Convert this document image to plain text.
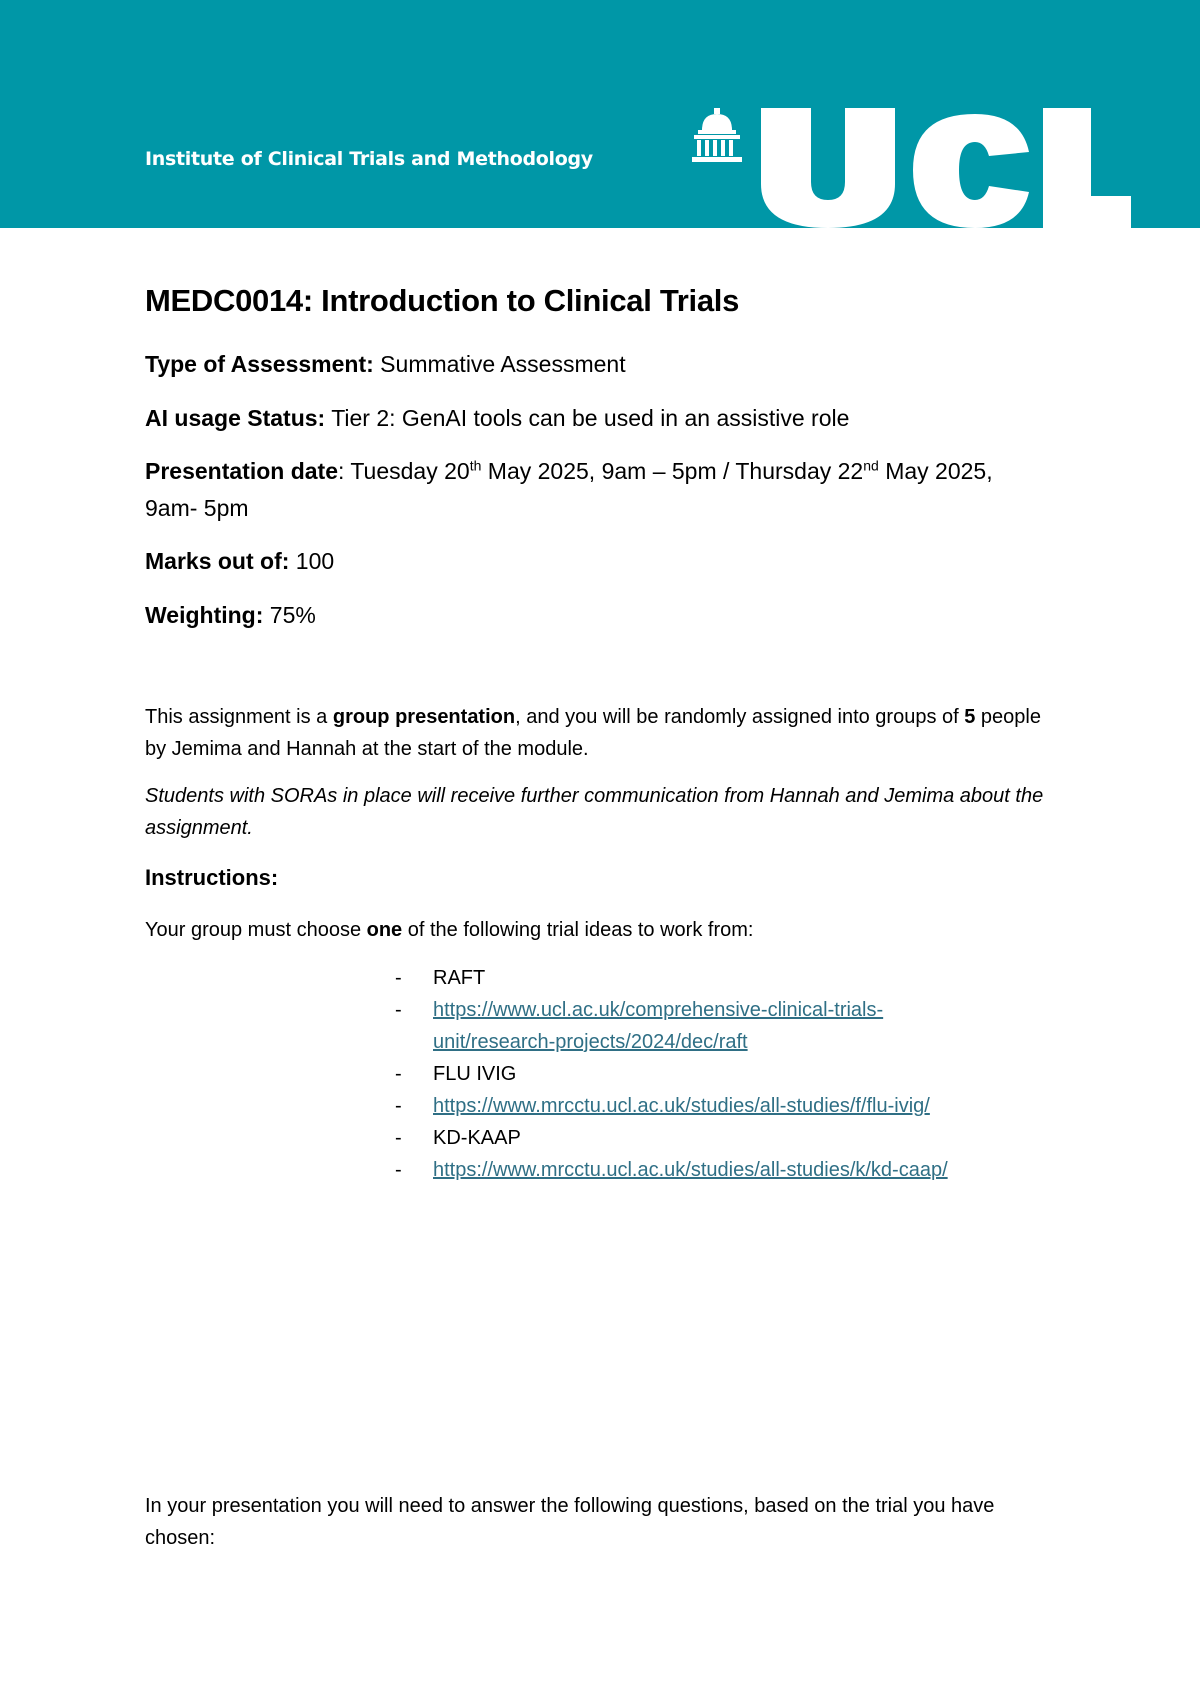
Institute of Clinical Trials and Methodology
MEDC0014: Introduction to Clinical Trials
Type of Assessment: Summative Assessment
AI usage Status: Tier 2: GenAI tools can be used in an assistive role
Presentation date: Tuesday 20th May 2025, 9am – 5pm / Thursday 22nd May 2025, 9am- 5pm
Marks out of: 100
Weighting: 75%
This assignment is a group presentation, and you will be randomly assigned into groups of 5 people by Jemima and Hannah at the start of the module.
Students with SORAs in place will receive further communication from Hannah and Jemima about the assignment.
Instructions:
Your group must choose one of the following trial ideas to work from:
- RAFT
- https://www.ucl.ac.uk/comprehensive-clinical-trials-unit/research-projects/2024/dec/raft
- FLU IVIG
- https://www.mrcctu.ucl.ac.uk/studies/all-studies/f/flu-ivig/
- KD-KAAP
- https://www.mrcctu.ucl.ac.uk/studies/all-studies/k/kd-caap/
In your presentation you will need to answer the following questions, based on the trial you have chosen:
